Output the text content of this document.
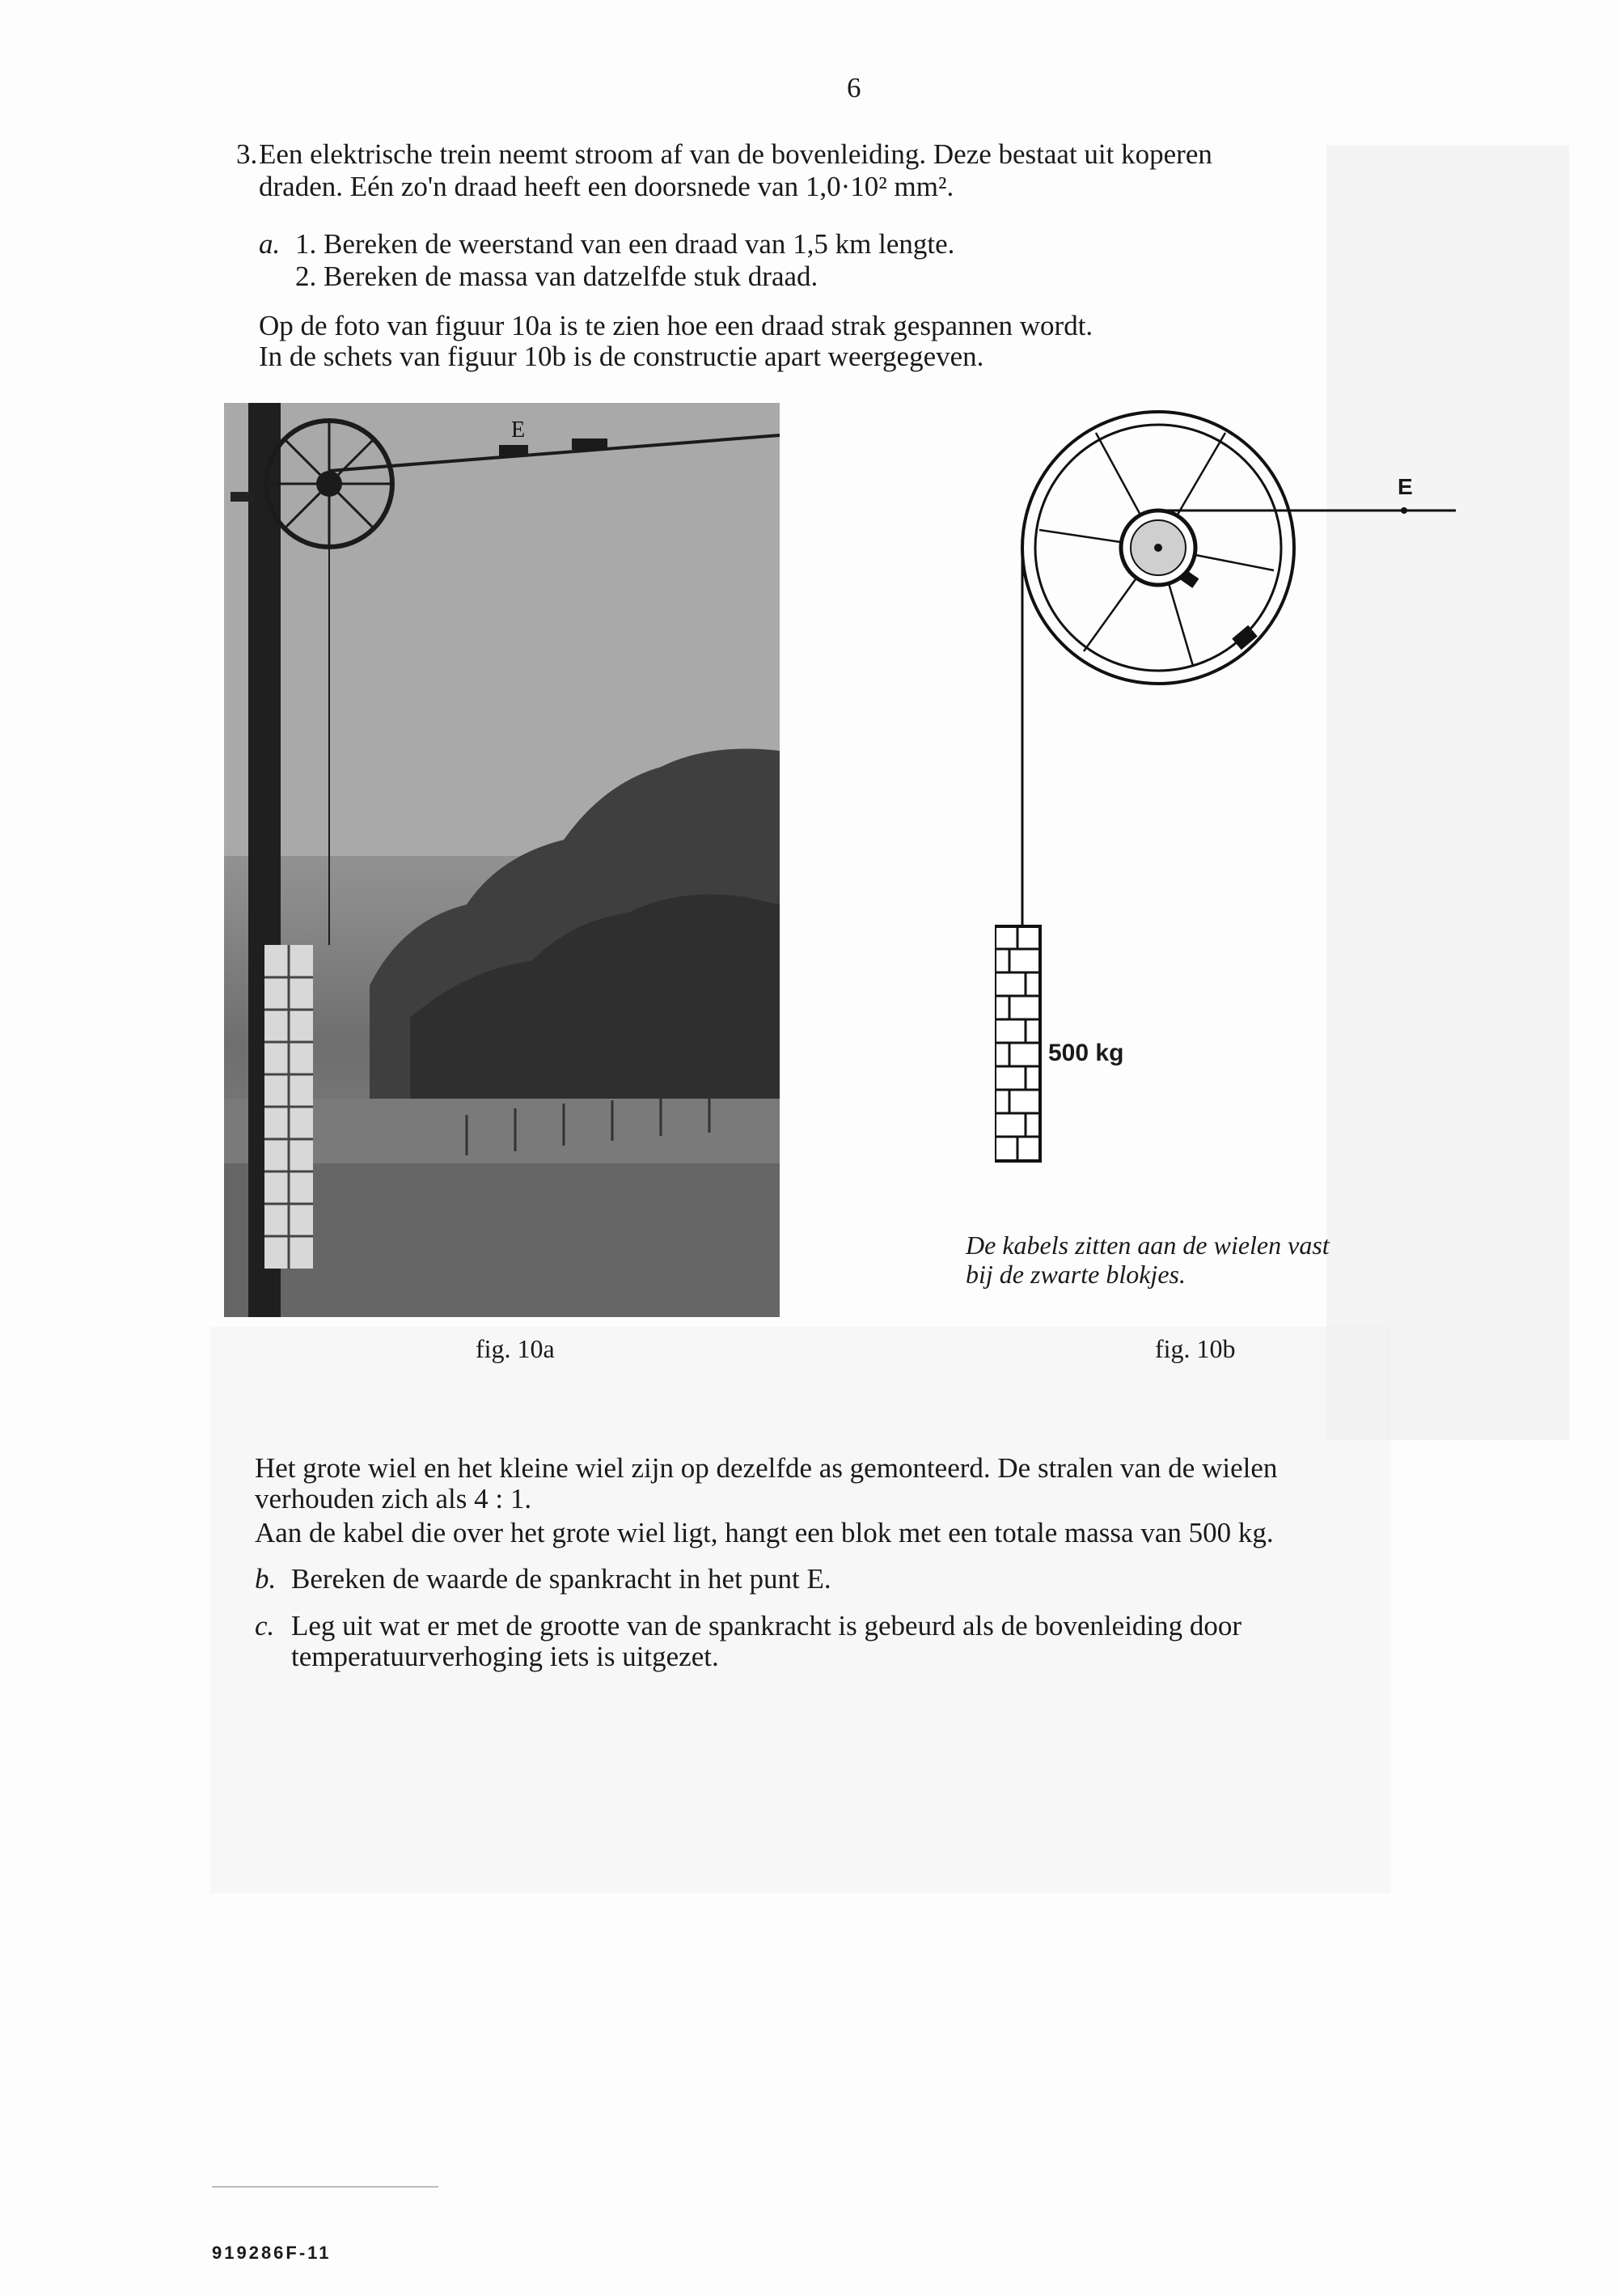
6
3. Een elektrische trein neemt stroom af van de bovenleiding. Deze bestaat uit koperen
draden. Eén zo'n draad heeft een doorsnede van 1,0·10² mm².
a. 1. Bereken de weerstand van een draad van 1,5 km lengte.
2. Bereken de massa van datzelfde stuk draad.
Op de foto van figuur 10a is te zien hoe een draad strak gespannen wordt.
In de schets van figuur 10b is de constructie apart weergegeven.
E
E
500 kg
De kabels zitten aan de wielen vast
bij de zwarte blokjes.
fig. 10a	fig. 10b
Het grote wiel en het kleine wiel zijn op dezelfde as gemonteerd. De stralen van de wielen
verhouden zich als 4 : 1.
Aan de kabel die over het grote wiel ligt, hangt een blok met een totale massa van 500 kg.
b. Bereken de waarde de spankracht in het punt E.
c. Leg uit wat er met de grootte van de spankracht is gebeurd als de bovenleiding door
temperatuurverhoging iets is uitgezet.
919286F-11
